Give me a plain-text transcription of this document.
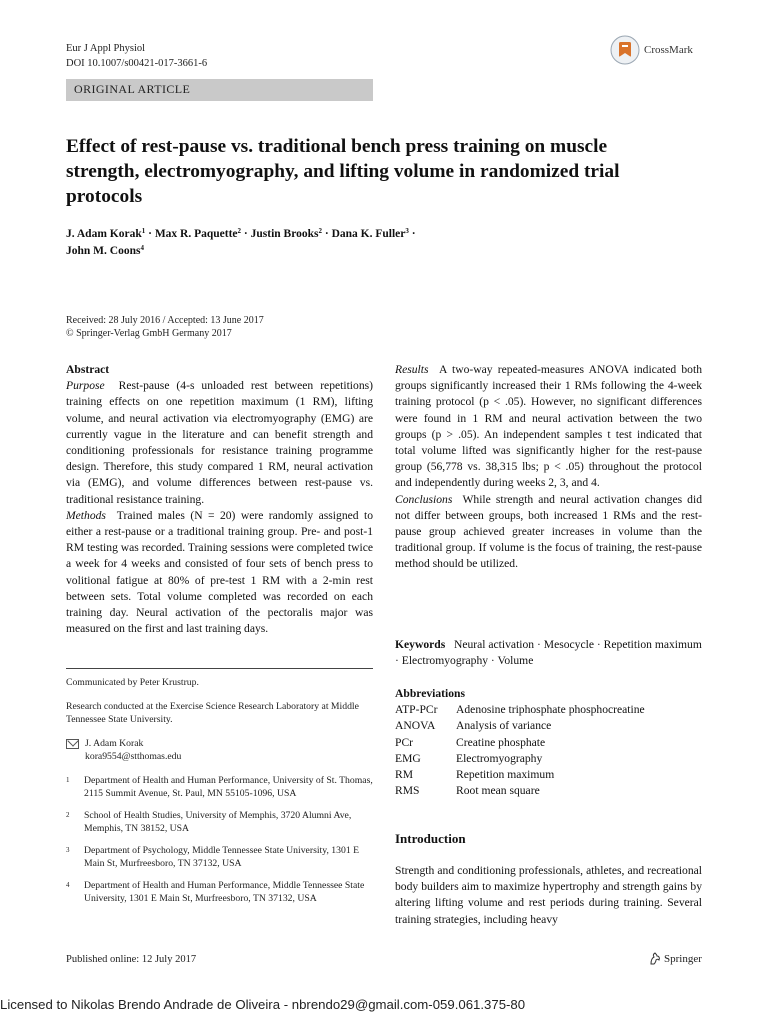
Eur J Appl Physiol
DOI 10.1007/s00421-017-3661-6
CrossMark
ORIGINAL ARTICLE
Effect of rest-pause vs. traditional bench press training on muscle strength, electromyography, and lifting volume in randomized trial protocols
J. Adam Korak$^1$ · Max R. Paquette$^2$ · Justin Brooks$^2$ · Dana K. Fuller$^3$ ·
John M. Coons$^4$
Received: 28 July 2016 / Accepted: 13 June 2017
© Springer-Verlag GmbH Germany 2017
Abstract
Purpose Rest-pause (4-s unloaded rest between repetitions) training effects on one repetition maximum (1 RM), lifting volume, and neural activation via electromyography (EMG) are currently vague in the literature and can benefit strength and conditioning professionals for resistance training programme design. Therefore, this study compared 1 RM, neural activation via (EMG), and volume differences between rest-pause vs. traditional resistance training.
Methods Trained males (N = 20) were randomly assigned to either a rest-pause or a traditional training group. Pre- and post-1 RM testing was recorded. Training sessions were completed twice a week for 4 weeks and consisted of four sets of bench press to volitional fatigue at 80% of pre-test 1 RM with a 2-min rest between sets. Total volume completed was recorded on each training day. Neural activation of the pectoralis major was measured on the first and last training days.
Results A two-way repeated-measures ANOVA indicated both groups significantly increased their 1 RMs following the 4-week training protocol (p < .05). However, no significant differences were found in 1 RM and neural activation between the two groups (p > .05). An independent samples t test indicated that total volume lifted was significantly higher for the rest-pause group (56,778 vs. 38,315 lbs; p < .05) throughout the protocol and independently during weeks 2, 3, and 4.
Conclusions While strength and neural activation changes did not differ between groups, both increased 1 RMs and the rest-pause group achieved greater increases in volume than the traditional group. If volume is the focus of training, the rest-pause method should be utilized.
Keywords Neural activation · Mesocycle · Repetition maximum · Electromyography · Volume
Abbreviations
ATP-PCr	Adenosine triphosphate phosphocreatine
ANOVA	Analysis of variance
PCr	Creatine phosphate
EMG	Electromyography
RM	Repetition maximum
RMS	Root mean square
Introduction
Strength and conditioning professionals, athletes, and recreational body builders aim to maximize hypertrophy and strength gains by altering lifting volume and rest periods during training. Several training strategies, including heavy
Communicated by Peter Krustrup.
Research conducted at the Exercise Science Research Laboratory at Middle Tennessee State University.
J. Adam Korak
kora9554@stthomas.edu
1	Department of Health and Human Performance, University of St. Thomas, 2115 Summit Avenue, St. Paul, MN 55105-1096, USA
2	School of Health Studies, University of Memphis, 3720 Alumni Ave, Memphis, TN 38152, USA
3	Department of Psychology, Middle Tennessee State University, 1301 E Main St, Murfreesboro, TN 37132, USA
4	Department of Health and Human Performance, Middle Tennessee State University, 1301 E Main St, Murfreesboro, TN 37132, USA
Published online: 12 July 2017	Springer
Licensed to Nikolas Brendo Andrade de Oliveira - nbrendo29@gmail.com-059.061.375-80
